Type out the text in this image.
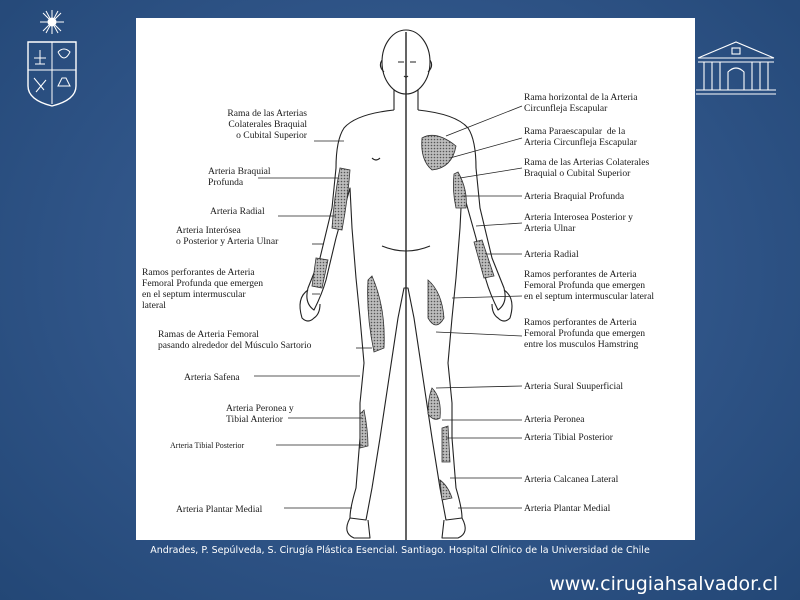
Rama de las Arterias
Colaterales Braquial
o Cubital Superior
Arteria Braquial
Profunda
Arteria Radial
Arteria Interósea
o Posterior y Arteria Ulnar
Ramos perforantes de Arteria
Femoral Profunda que emergen
en el septum intermuscular
lateral
Ramas de Arteria Femoral
pasando alrededor del Músculo Sartorio
Arteria Safena
Arteria Peronea y
Tibial Anterior
Arteria Tibial Posterior
Arteria Plantar Medial
Rama horizontal de la Arteria
Circunfleja Escapular
Rama Paraescapular  de la
Arteria Circunfleja Escapular
Rama de las Arterias Colaterales
Braquial o Cubital Superior
Arteria Braquial Profunda
Arteria Interosea Posterior y
Arteria Ulnar
Arteria Radial
Ramos perforantes de Arteria
Femoral Profunda que emergen
en el septum intermuscular lateral
Ramos perforantes de Arteria
Femoral Profunda que emergen
entre los musculos Hamstring
Arteria Sural Suuperficial
Arteria Peronea
Arteria Tibial Posterior
Arteria Calcanea Lateral
Arteria Plantar Medial
Andrades, P. Sepúlveda, S. Cirugía Plástica Esencial. Santiago. Hospital Clínico de la Universidad de Chile
www.cirugiahsalvador.cl
